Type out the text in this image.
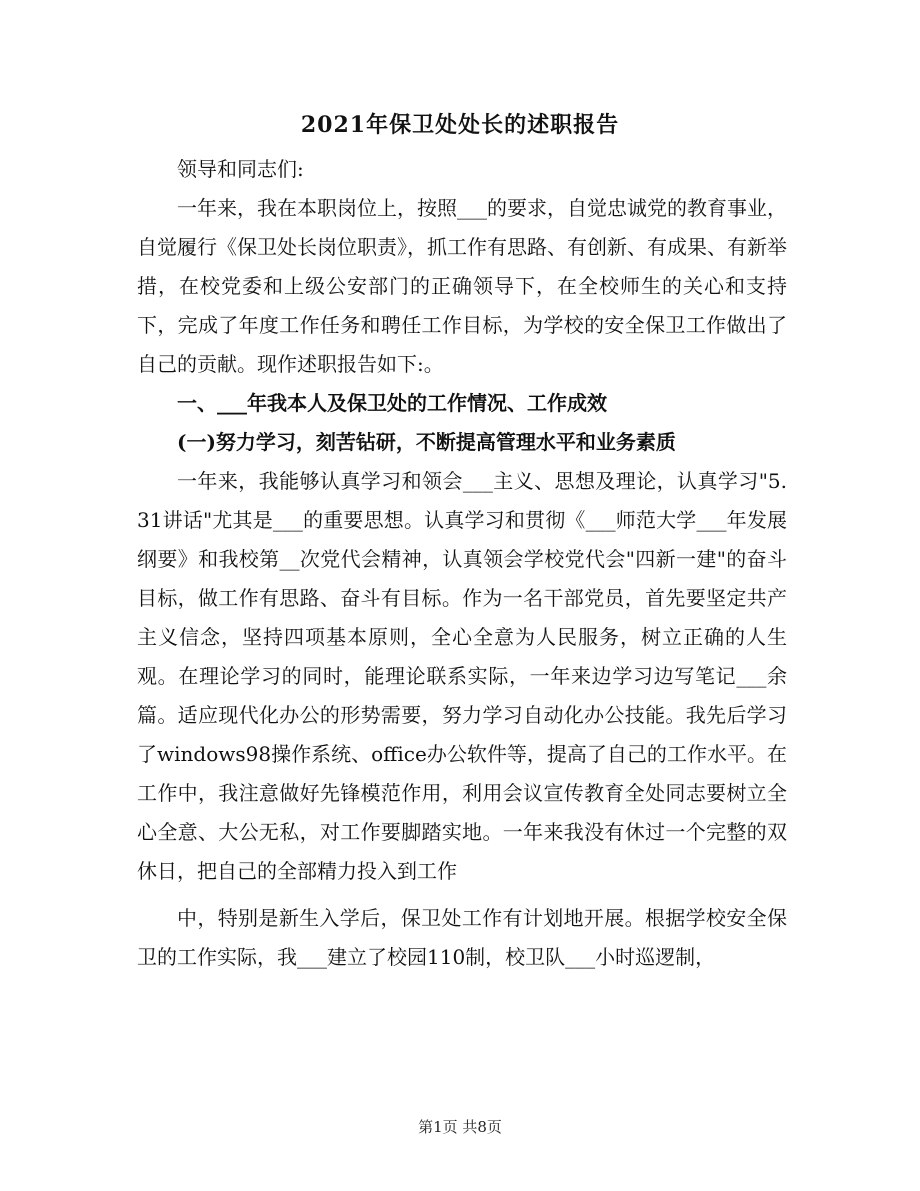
2021年保卫处处长的述职报告

领导和同志们:

一年来，我在本职岗位上，按照___的要求，自觉忠诚党的教育事业，自觉履行《保卫处长岗位职责》，抓工作有思路、有创新、有成果、有新举措，在校党委和上级公安部门的正确领导下，在全校师生的关心和支持下，完成了年度工作任务和聘任工作目标，为学校的安全保卫工作做出了自己的贡献。现作述职报告如下:。

一、___年我本人及保卫处的工作情况、工作成效

(一)努力学习，刻苦钻研，不断提高管理水平和业务素质

一年来，我能够认真学习和领会___主义、思想及理论，认真学习"5.31讲话"尤其是___的重要思想。认真学习和贯彻《___师范大学___年发展纲要》和我校第__次党代会精神，认真领会学校党代会"四新一建"的奋斗目标，做工作有思路、奋斗有目标。作为一名干部党员，首先要坚定共产主义信念，坚持四项基本原则，全心全意为人民服务，树立正确的人生观。在理论学习的同时，能理论联系实际，一年来边学习边写笔记___余篇。适应现代化办公的形势需要，努力学习自动化办公技能。我先后学习了windows98操作系统、office办公软件等，提高了自己的工作水平。在工作中，我注意做好先锋模范作用，利用会议宣传教育全处同志要树立全心全意、大公无私，对工作要脚踏实地。一年来我没有休过一个完整的双休日，把自己的全部精力投入到工作

中，特别是新生入学后，保卫处工作有计划地开展。根据学校安全保卫的工作实际，我___建立了校园110制，校卫队___小时巡逻制，

第1页 共8页
